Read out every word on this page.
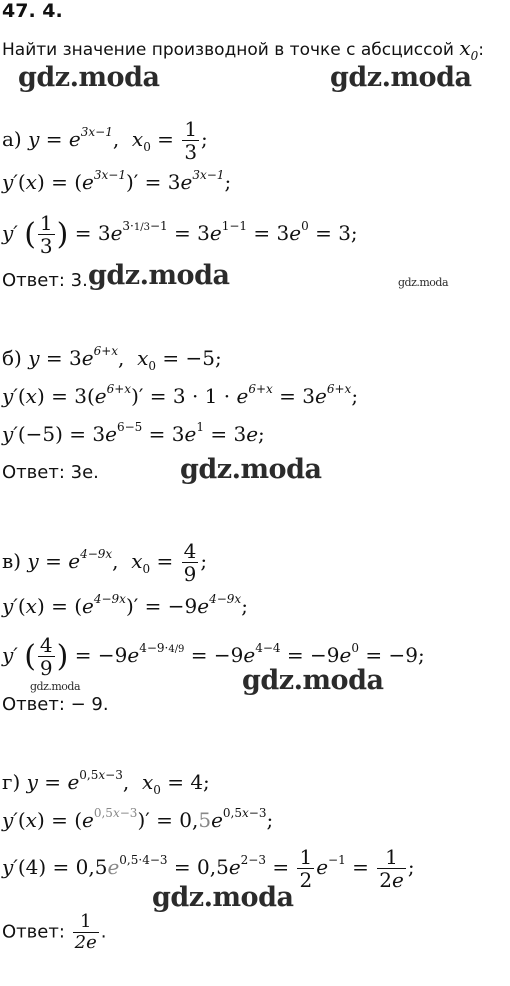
47. 4.
Найти значение производной в точке с абсциссой $x_0$:
gdz.moda	gdz.moda
gdz.moda	gdz.moda
gdz.moda
gdz.moda	gdz.moda
gdz.moda
а) $y = e^{3x-1}$,  $x_0 = \frac{1}{3}$ ;
$y'(x) = (e^{3x-1})' = 3e^{3x-1}$;
y′ ( $\frac{1}{3}$ ) = $3e^{3\cdot 1/3-1} = 3e^{1-1} = 3e^0 = 3$;
Ответ: 3.
б) $y = 3e^{6+x}$,  $x_0 = -5$;
$y'(x) = 3(e^{6+x})' = 3 \cdot 1 \cdot e^{6+x} = 3e^{6+x}$;
$y'(-5) = 3e^{6-5} = 3e^1 = 3e$;
Ответ: 3e.
в) $y = e^{4-9x}$,  $x_0 = \frac{4}{9}$ ;
$y'(x) = (e^{4-9x})' = -9e^{4-9x}$;
y′ ( $\frac{4}{9}$ ) = $-9e^{4-9\cdot 4/9} = -9e^{4-4} = -9e^0 = -9$;
Ответ: − 9.
г) $y = e^{0,5x-3}$,  $x_0 = 4$;
$y'(x) = (e^{0,5x-3})' = 0,5e^{0,5x-3}$;
$y'(4) = 0,5e^{0,5\cdot 4-3} = 0,5e^{2-3} = \frac{1}{2} e^{-1} = \frac{1}{2e}$ ;
Ответ: $\frac{1}{2e}$ .
